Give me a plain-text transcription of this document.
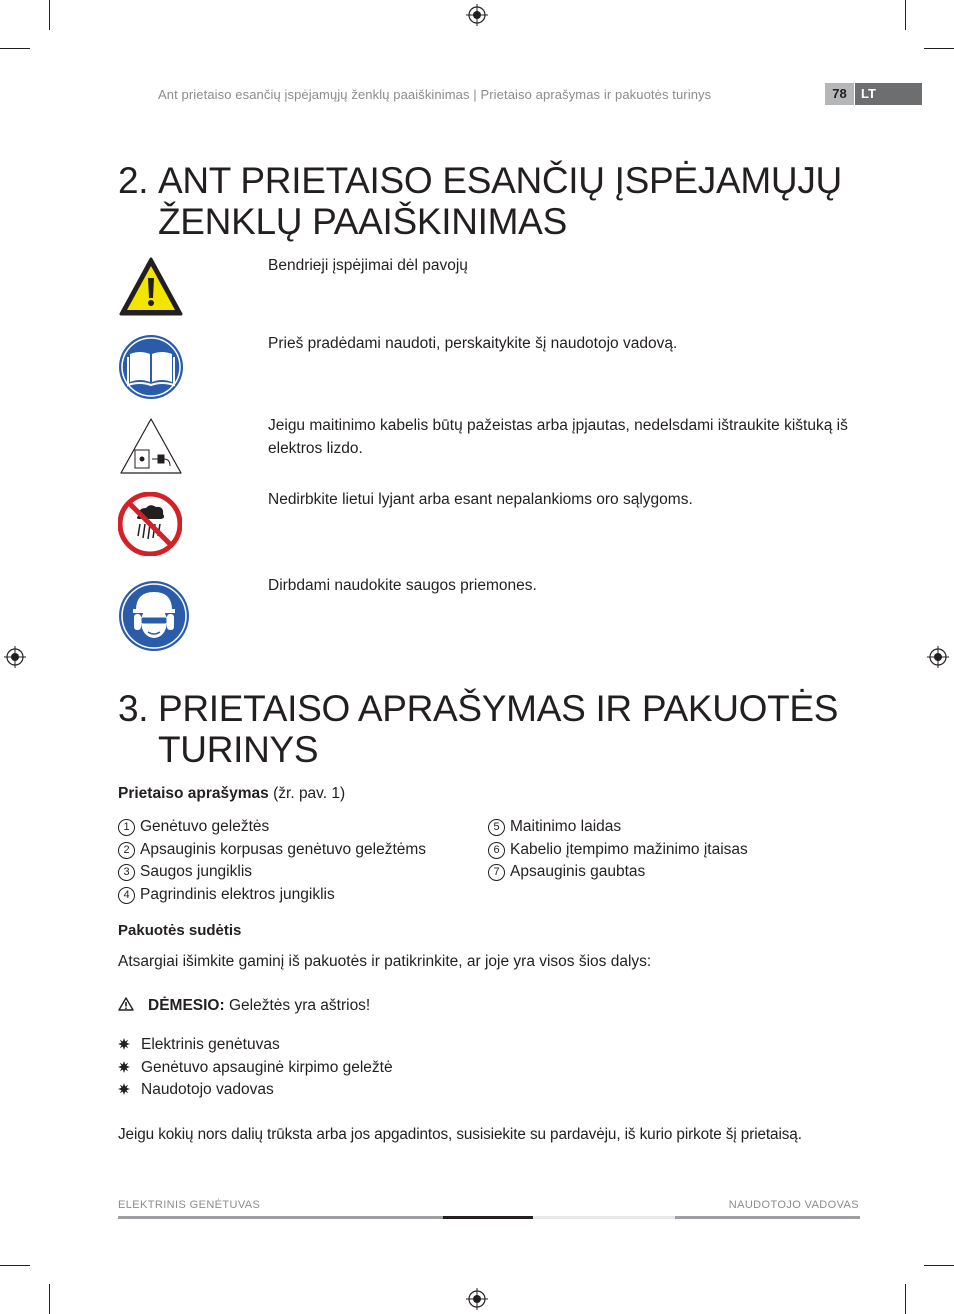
Ant prietaiso esančių įspėjamųjų ženklų paaiškinimas | Prietaiso aprašymas ir pakuotės turinys	78	LT
2. ANT PRIETAISO ESANČIŲ ĮSPĖJAMŲJŲ
ŽENKLŲ PAAIŠKINIMAS
Bendrieji įspėjimai dėl pavojų
Prieš pradėdami naudoti, perskaitykite šį naudotojo vadovą.
Jeigu maitinimo kabelis būtų pažeistas arba įpjautas, nedelsdami ištraukite kištuką iš elektros lizdo.
Nedirbkite lietui lyjant arba esant nepalankioms oro sąlygoms.
Dirbdami naudokite saugos priemones.
3. PRIETAISO APRAŠYMAS IR PAKUOTĖS
TURINYS
Prietaiso aprašymas (žr. pav. 1)
1 Genėtuvo geležtės
2 Apsauginis korpusas genėtuvo geležtėms
3 Saugos jungiklis
4 Pagrindinis elektros jungiklis
5 Maitinimo laidas
6 Kabelio įtempimo mažinimo įtaisas
7 Apsauginis gaubtas
Pakuotės sudėtis
Atsargiai išimkite gaminį iš pakuotės ir patikrinkite, ar joje yra visos šios dalys:
DĖMESIO: Geležtės yra aštrios!
Elektrinis genėtuvas
Genėtuvo apsauginė kirpimo geležtė
Naudotojo vadovas
Jeigu kokių nors dalių trūksta arba jos apgadintos, susisiekite su pardavėju, iš kurio pirkote šį prietaisą.
ELEKTRINIS GENĖTUVAS	NAUDOTOJO VADOVAS
